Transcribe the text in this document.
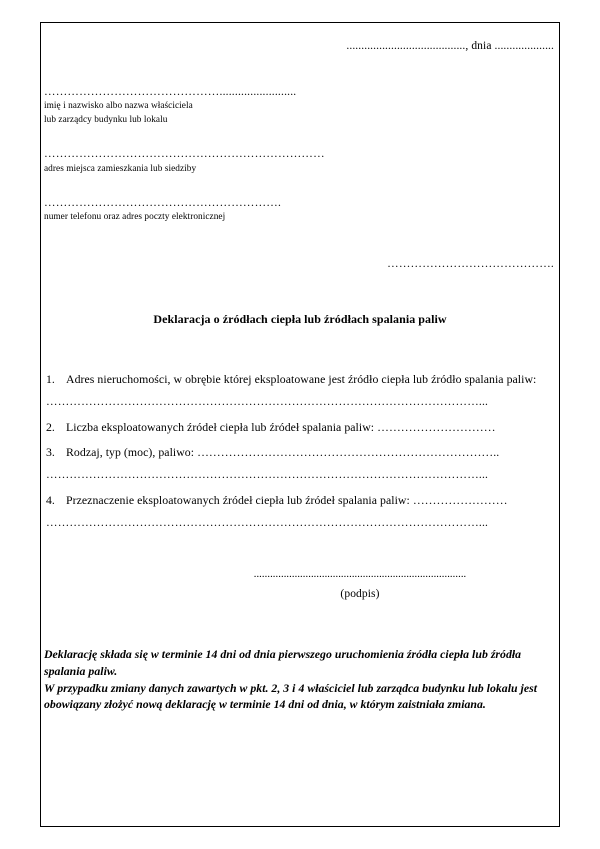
........................................, dnia ....................
……………………………………….........................
imię i nazwisko albo nazwa właściciela
lub zarządcy budynku lub lokalu
………………………………………………………………
adres miejsca zamieszkania lub siedziby
…………………………………………………….
numer telefonu oraz adres poczty elektronicznej
…………………………………….
Deklaracja o źródłach ciepła lub źródłach spalania paliw
1. Adres nieruchomości, w obrębie której eksploatowane jest źródło ciepła lub źródło spalania paliw:
…………………………………………………………………………………………………...
2. Liczba eksploatowanych źródeł ciepła lub źródeł spalania paliw: …………………………
3. Rodzaj, typ (moc), paliwo: …………………………………………………………………..
…………………………………………………………………………………………………...
4. Przeznaczenie eksploatowanych źródeł ciepła lub źródeł spalania paliw: ……………………
…………………………………………………………………………………………………...
..............................................................................
(podpis)

Deklarację składa się w terminie 14 dni od dnia pierwszego uruchomienia źródła ciepła lub źródła spalania paliw.

W przypadku zmiany danych zawartych w pkt. 2, 3 i 4 właściciel lub zarządca budynku lub lokalu jest obowiązany złożyć nową deklarację w terminie 14 dni od dnia, w którym zaistniała zmiana.
